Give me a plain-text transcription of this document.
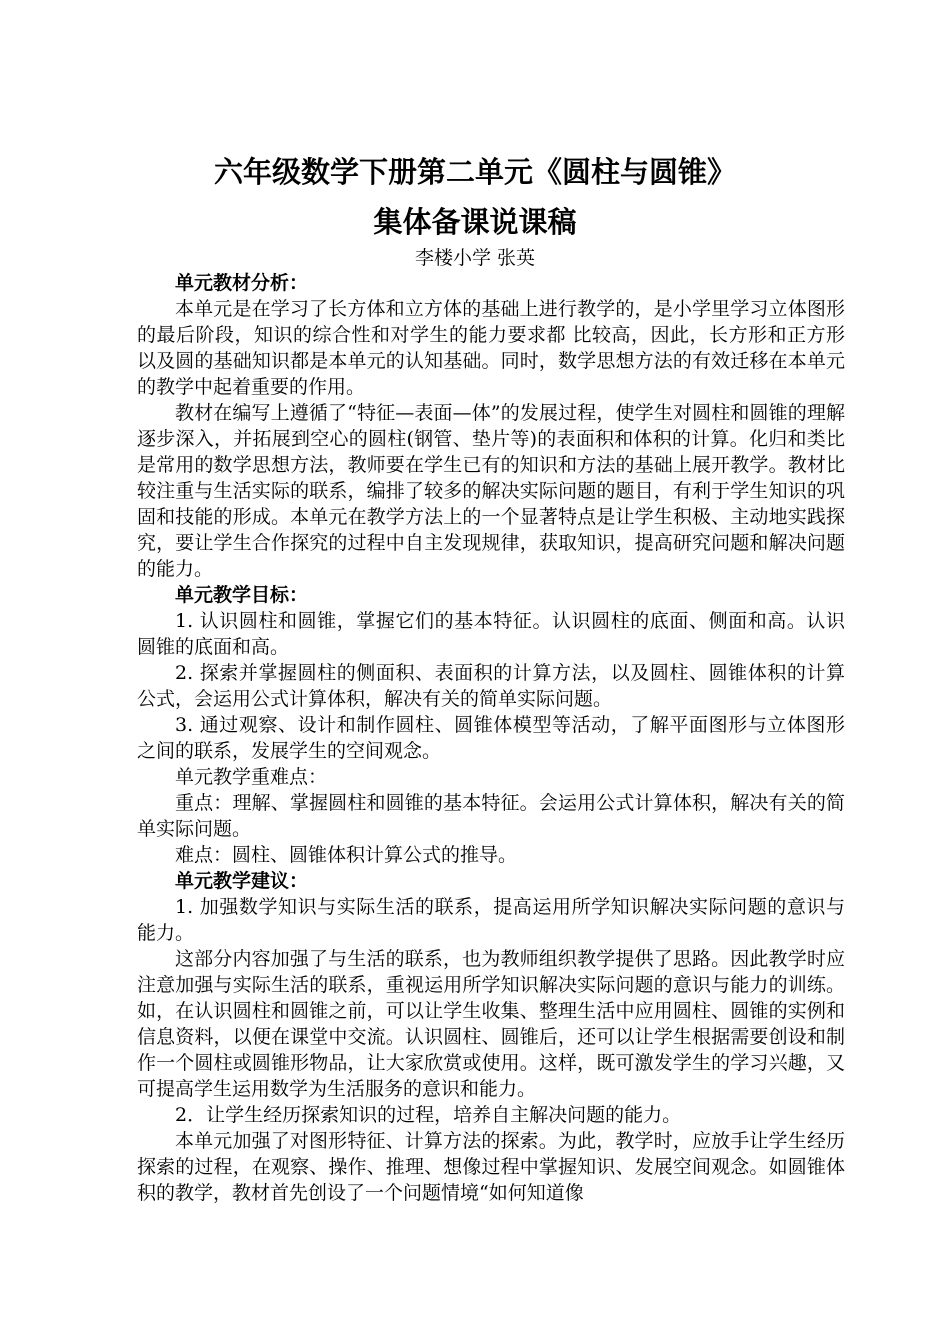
六年级数学下册第二单元《圆柱与圆锥》
集体备课说课稿
李楼小学 张英

单元教材分析：

本单元是在学习了长方体和立方体的基础上进行教学的，是小学里学习立体图形的最后阶段，知识的综合性和对学生的能力要求都 比较高，因此，长方形和正方形以及圆的基础知识都是本单元的认知基础。同时，数学思想方法的有效迁移在本单元的教学中起着重要的作用。

教材在编写上遵循了“特征—表面—体”的发展过程，使学生对圆柱和圆锥的理解逐步深入，并拓展到空心的圆柱(钢管、垫片等)的表面积和体积的计算。化归和类比是常用的数学思想方法，教师要在学生已有的知识和方法的基础上展开教学。教材比较注重与生活实际的联系，编排了较多的解决实际问题的题目，有利于学生知识的巩固和技能的形成。本单元在教学方法上的一个显著特点是让学生积极、主动地实践探究，要让学生合作探究的过程中自主发现规律，获取知识，提高研究问题和解决问题的能力。

单元教学目标：

1. 认识圆柱和圆锥，掌握它们的基本特征。认识圆柱的底面、侧面和高。认识圆锥的底面和高。

2. 探索并掌握圆柱的侧面积、表面积的计算方法，以及圆柱、圆锥体积的计算公式，会运用公式计算体积，解决有关的简单实际问题。

3. 通过观察、设计和制作圆柱、圆锥体模型等活动，了解平面图形与立体图形之间的联系，发展学生的空间观念。

单元教学重难点：

重点：理解、掌握圆柱和圆锥的基本特征。会运用公式计算体积，解决有关的简单实际问题。

难点：圆柱、圆锥体积计算公式的推导。

单元教学建议：

1. 加强数学知识与实际生活的联系，提高运用所学知识解决实际问题的意识与能力。

这部分内容加强了与生活的联系，也为教师组织教学提供了思路。因此教学时应注意加强与实际生活的联系，重视运用所学知识解决实际问题的意识与能力的训练。如，在认识圆柱和圆锥之前，可以让学生收集、整理生活中应用圆柱、圆锥的实例和信息资料，以便在课堂中交流。认识圆柱、圆锥后，还可以让学生根据需要创设和制作一个圆柱或圆锥形物品，让大家欣赏或使用。这样，既可激发学生的学习兴趣，又可提高学生运用数学为生活服务的意识和能力。

2．让学生经历探索知识的过程，培养自主解决问题的能力。

本单元加强了对图形特征、计算方法的探索。为此，教学时，应放手让学生经历探索的过程，在观察、操作、推理、想像过程中掌握知识、发展空间观念。如圆锥体积的教学，教材首先创设了一个问题情境“如何知道像
